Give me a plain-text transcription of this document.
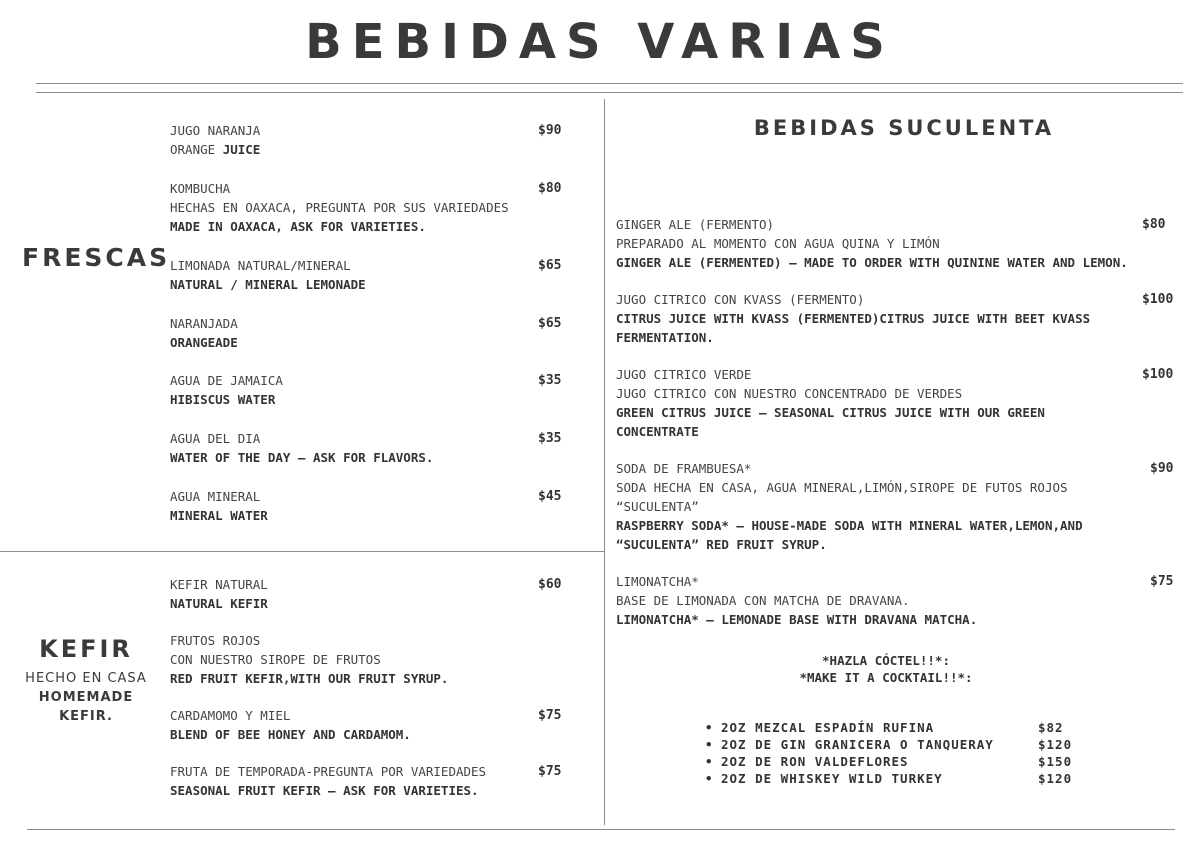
BEBIDAS VARIAS
FRESCAS
JUGO NARANJA
ORANGE JUICE
$90
KOMBUCHA
HECHAS EN OAXACA, PREGUNTA POR SUS VARIEDADES
MADE IN OAXACA, ASK FOR VARIETIES.
$80
LIMONADA NATURAL/MINERAL
NATURAL / MINERAL LEMONADE
$65
NARANJADA
ORANGEADE
$65
AGUA DE JAMAICA
HIBISCUS WATER
$35
AGUA DEL DIA
WATER OF THE DAY – ASK FOR FLAVORS.
$35
AGUA MINERAL
MINERAL WATER
$45
KEFIR
HECHO EN CASA
HOMEMADE KEFIR.
KEFIR NATURAL
NATURAL KEFIR
$60
FRUTOS ROJOS
CON NUESTRO SIROPE DE FRUTOS
RED FRUIT KEFIR,WITH OUR FRUIT SYRUP.
CARDAMOMO Y MIEL
BLEND OF BEE HONEY AND CARDAMOM.
$75
FRUTA DE TEMPORADA-PREGUNTA POR VARIEDADES
SEASONAL FRUIT KEFIR – ASK FOR VARIETIES.
$75
BEBIDAS SUCULENTA
GINGER ALE (FERMENTO)
PREPARADO AL MOMENTO CON AGUA QUINA Y LIMÓN
GINGER ALE (FERMENTED) – MADE TO ORDER WITH QUININE WATER AND LEMON.
$80
JUGO CITRICO CON KVASS (FERMENTO)
CITRUS JUICE WITH KVASS (FERMENTED)CITRUS JUICE WITH BEET KVASS
FERMENTATION.
$100
JUGO CITRICO VERDE
JUGO CITRICO CON NUESTRO CONCENTRADO DE VERDES
GREEN CITRUS JUICE – SEASONAL CITRUS JUICE WITH OUR GREEN
CONCENTRATE
$100
SODA DE FRAMBUESA*
SODA HECHA EN CASA, AGUA MINERAL,LIMÓN,SIROPE DE FUTOS ROJOS
“SUCULENTA”
RASPBERRY SODA* – HOUSE-MADE SODA WITH MINERAL WATER,LEMON,AND
“SUCULENTA” RED FRUIT SYRUP.
$90
LIMONATCHA*
BASE DE LIMONADA CON MATCHA DE DRAVANA.
LIMONATCHA* – LEMONADE BASE WITH DRAVANA MATCHA.
$75
*HAZLA CÓCTEL!!*:
*MAKE IT A COCKTAIL!!*:
• 2OZ MEZCAL ESPADÍN RUFINA	$82
• 2OZ DE GIN GRANICERA O TANQUERAY	$120
• 2OZ DE RON VALDEFLORES	$150
• 2OZ DE WHISKEY WILD TURKEY	$120
